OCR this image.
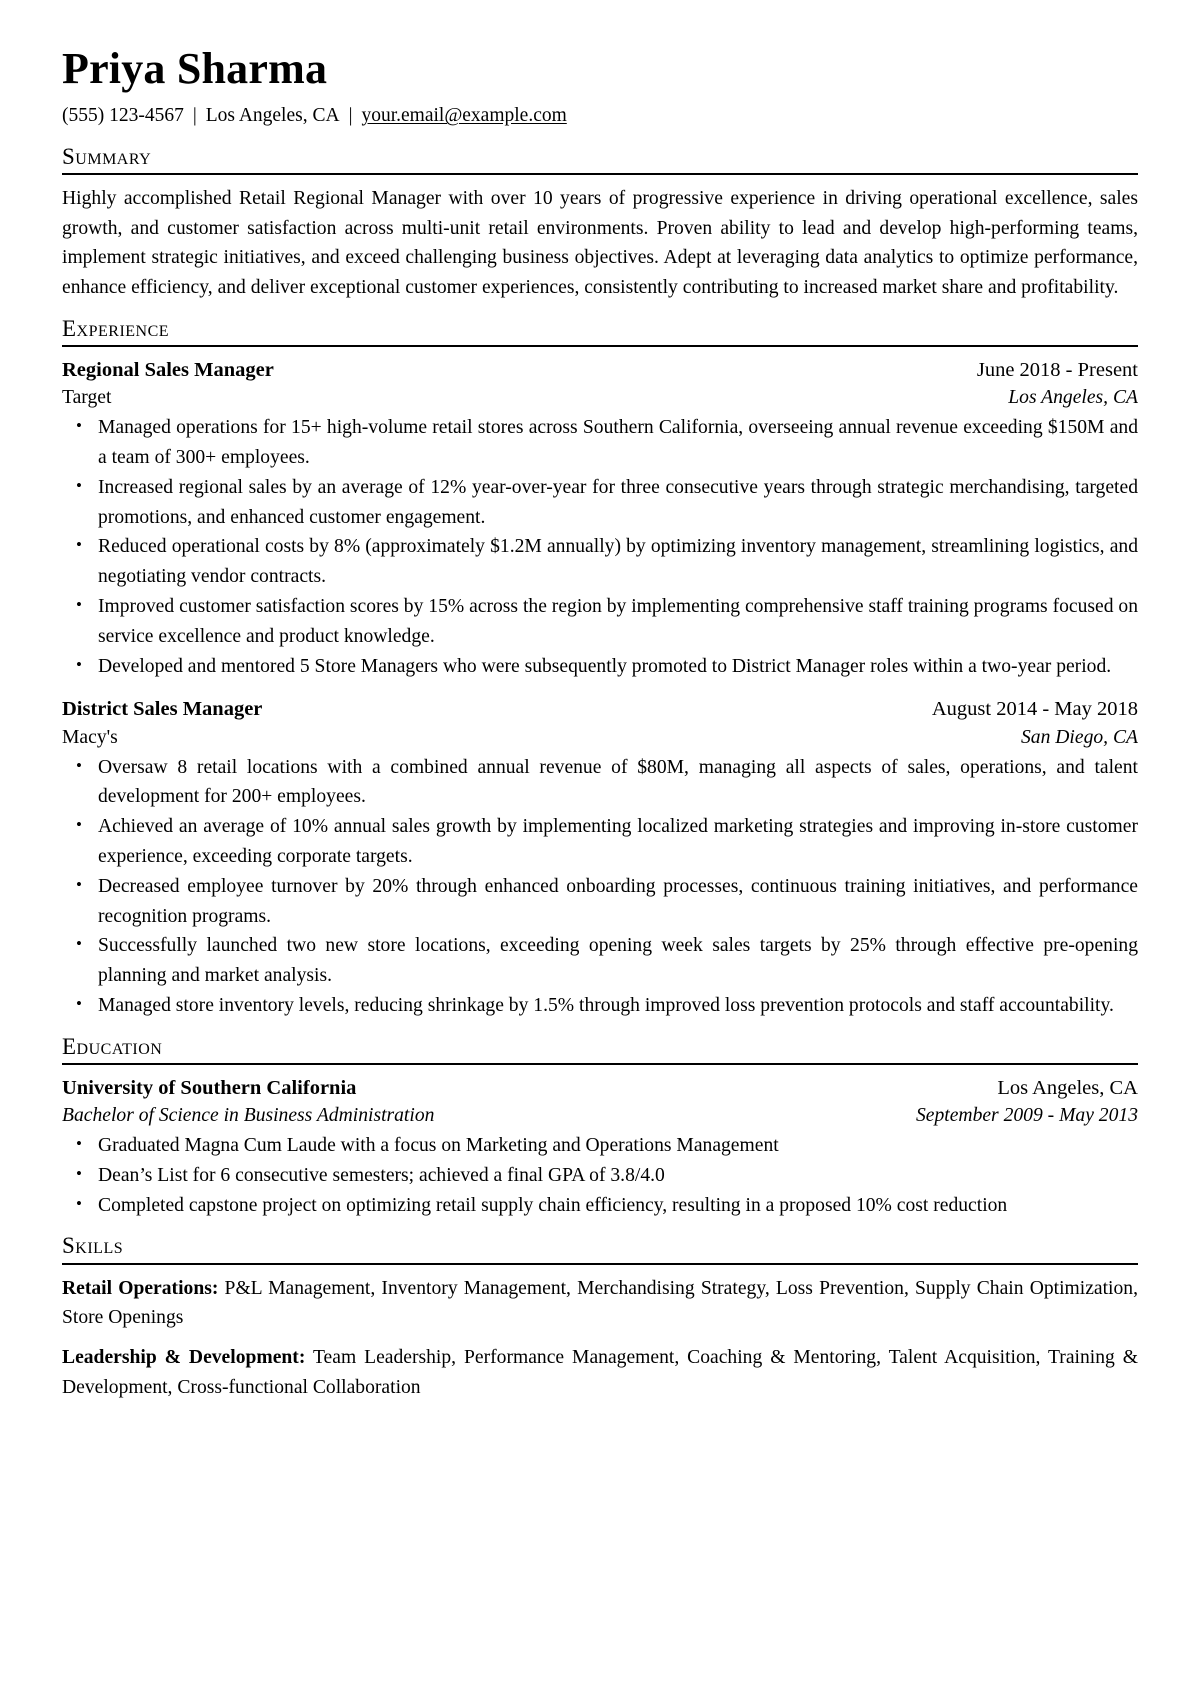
Priya Sharma
(555) 123-4567 | Los Angeles, CA | your.email@example.com
Summary

Highly accomplished Retail Regional Manager with over 10 years of progressive experience in driving operational excellence, sales growth, and customer satisfaction across multi-unit retail environments. Proven ability to lead and develop high-performing teams, implement strategic initiatives, and exceed challenging business objectives. Adept at leveraging data analytics to optimize performance, enhance efficiency, and deliver exceptional customer experiences, consistently contributing to increased market share and profitability.

Experience
Regional Sales Manager	June 2018 - Present
Target	Los Angeles, CA
• Managed operations for 15+ high-volume retail stores across Southern California, overseeing annual revenue exceeding $150M and a team of 300+ employees.
• Increased regional sales by an average of 12% year-over-year for three consecutive years through strategic merchandising, targeted promotions, and enhanced customer engagement.
• Reduced operational costs by 8% (approximately $1.2M annually) by optimizing inventory management, streamlining logistics, and negotiating vendor contracts.
• Improved customer satisfaction scores by 15% across the region by implementing comprehensive staff training programs focused on service excellence and product knowledge.
• Developed and mentored 5 Store Managers who were subsequently promoted to District Manager roles within a two-year period.
District Sales Manager	August 2014 - May 2018
Macy's	San Diego, CA
• Oversaw 8 retail locations with a combined annual revenue of $80M, managing all aspects of sales, operations, and talent development for 200+ employees.
• Achieved an average of 10% annual sales growth by implementing localized marketing strategies and improving in-store customer experience, exceeding corporate targets.
• Decreased employee turnover by 20% through enhanced onboarding processes, continuous training initiatives, and performance recognition programs.
• Successfully launched two new store locations, exceeding opening week sales targets by 25% through effective pre-opening planning and market analysis.
• Managed store inventory levels, reducing shrinkage by 1.5% through improved loss prevention protocols and staff accountability.
Education
University of Southern California	Los Angeles, CA
Bachelor of Science in Business Administration	September 2009 - May 2013
• Graduated Magna Cum Laude with a focus on Marketing and Operations Management
• Dean’s List for 6 consecutive semesters; achieved a final GPA of 3.8/4.0
• Completed capstone project on optimizing retail supply chain efficiency, resulting in a proposed 10% cost reduction
Skills

Retail Operations: P&L Management, Inventory Management, Merchandising Strategy, Loss Prevention, Supply Chain Optimization, Store Openings

Leadership & Development: Team Leadership, Performance Management, Coaching & Mentoring, Talent Acquisition, Training & Development, Cross-functional Collaboration
